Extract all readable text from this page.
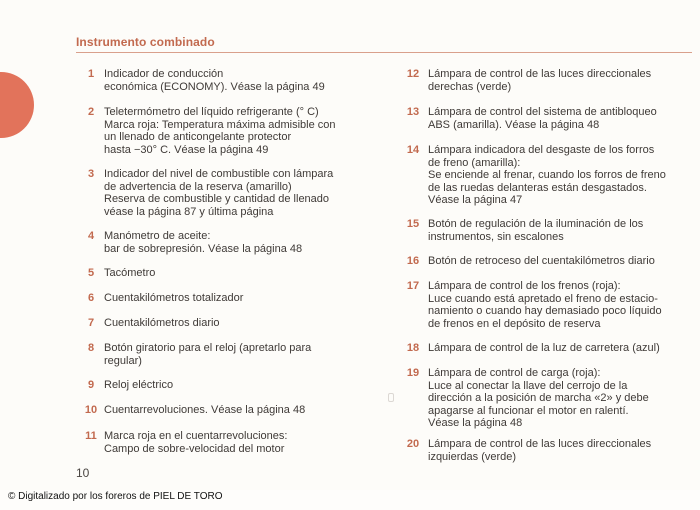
Instrumento combinado
1 Indicador de conducción
económica (ECONOMY). Véase la página 49
2 Teletermómetro del líquido refrigerante (° C)
Marca roja: Temperatura máxima admisible con
un llenado de anticongelante protector
hasta −30° C. Véase la página 49
3 Indicador del nivel de combustible con lámpara
de advertencia de la reserva (amarillo)
Reserva de combustible y cantidad de llenado
véase la página 87 y última página
4 Manómetro de aceite:
bar de sobrepresión. Véase la página 48
5 Tacómetro
6 Cuentakilómetros totalizador
7 Cuentakilómetros diario
8 Botón giratorio para el reloj (apretarlo para
regular)
9 Reloj eléctrico
10 Cuentarrevoluciones. Véase la página 48
11 Marca roja en el cuentarrevoluciones:
Campo de sobre-velocidad del motor
12 Lámpara de control de las luces direccionales
derechas (verde)
13 Lámpara de control del sistema de antibloqueo
ABS (amarilla). Véase la página 48
14 Lámpara indicadora del desgaste de los forros
de freno (amarilla):
Se enciende al frenar, cuando los forros de freno
de las ruedas delanteras están desgastados.
Véase la página 47
15 Botón de regulación de la iluminación de los
instrumentos, sin escalones
16 Botón de retroceso del cuentakilómetros diario
17 Lámpara de control de los frenos (roja):
Luce cuando está apretado el freno de estacio-
namiento o cuando hay demasiado poco líquido
de frenos en el depósito de reserva
18 Lámpara de control de la luz de carretera (azul)
19 Lámpara de control de carga (roja):
Luce al conectar la llave del cerrojo de la
dirección a la posición de marcha «2» y debe
apagarse al funcionar el motor en ralentí.
Véase la página 48
20 Lámpara de control de las luces direccionales
izquierdas (verde)
10
© Digitalizado por los foreros de PIEL DE TORO
